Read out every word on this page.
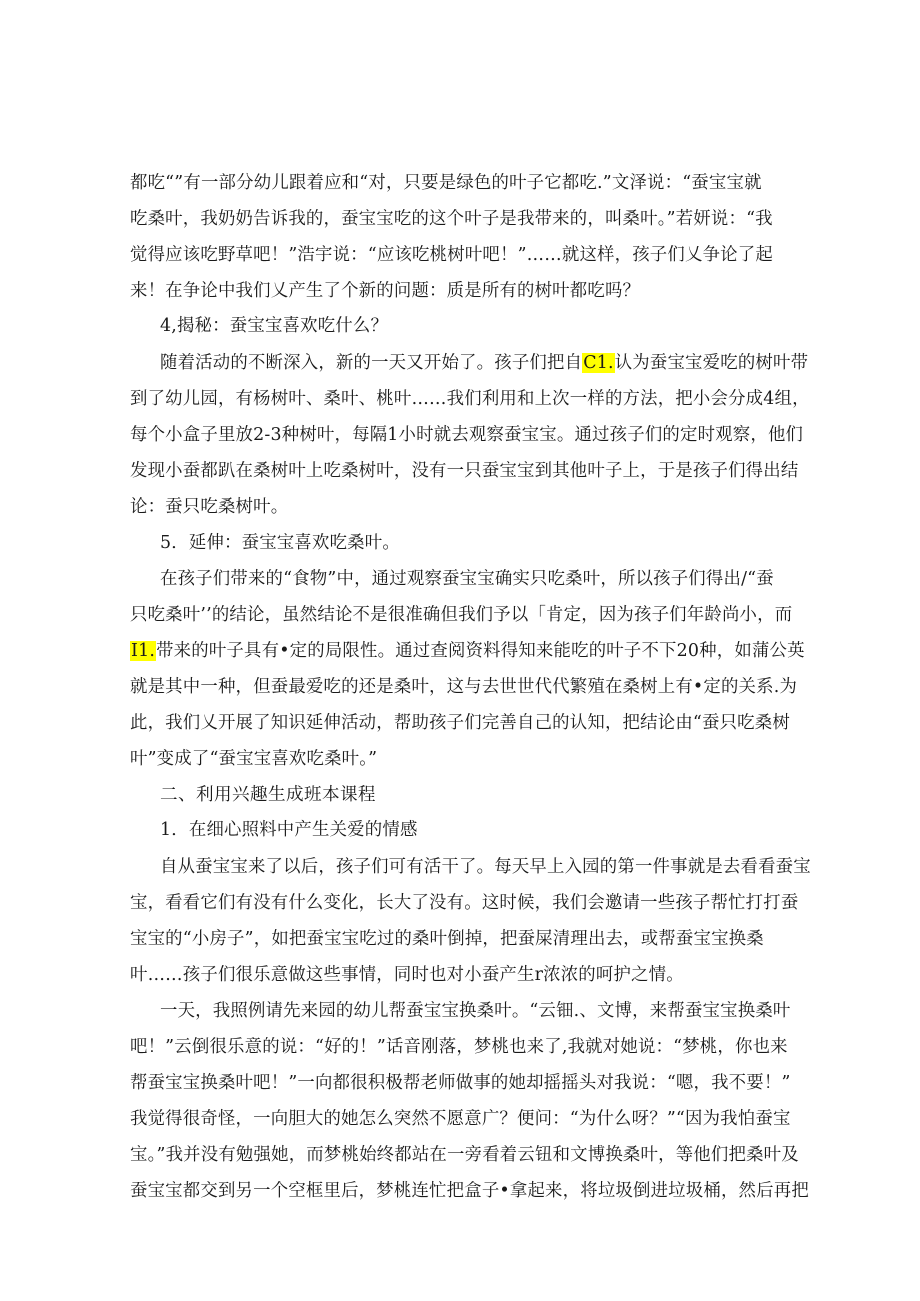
都吃“”有一部分幼儿跟着应和“对，只要是绿色的叶子它都吃.”文泽说：“蚕宝宝就
吃桑叶，我奶奶告诉我的，蚕宝宝吃的这个叶子是我带来的，叫桑叶。”若妍说：“我
觉得应该吃野草吧！”浩宇说：“应该吃桃树叶吧！”……就这样，孩子们乂争论了起
来！在争论中我们乂产生了个新的问题：质是所有的树叶都吃吗？
4,揭秘：蚕宝宝喜欢吃什么？
随着活动的不断深入，新的一天又开始了。孩子们把自C1.认为蚕宝宝爱吃的树叶带
到了幼儿园，有杨树叶、桑叶、桃叶……我们利用和上次一样的方法，把小会分成4组，
每个小盒子里放2-3种树叶，每隔1小时就去观察蚕宝宝。通过孩子们的定时观察，他们
发现小蚕都趴在桑树叶上吃桑树叶，没有一只蚕宝宝到其他叶子上，于是孩子们得出结
论：蚕只吃桑树叶。
5．延伸：蚕宝宝喜欢吃桑叶。
在孩子们带来的“食物”中，通过观察蚕宝宝确实只吃桑叶，所以孩子们得出/“蚕
只吃桑叶’’的结论，虽然结论不是很准确但我们予以「肯定，因为孩子们年龄尚小，而
I1.带来的叶子具有•定的局限性。通过查阅资料得知来能吃的叶子不下20种，如蒲公英
就是其中一种，但蚕最爱吃的还是桑叶，这与去世世代代繁殖在桑树上有•定的关系.为
此，我们乂开展了知识延伸活动，帮助孩子们完善自己的认知，把结论由“蚕只吃桑树
叶”变成了“蚕宝宝喜欢吃桑叶。”
二、利用兴趣生成班本课程
1．在细心照料中产生关爱的情感
自从蚕宝宝来了以后，孩子们可有活干了。每天早上入园的第一件事就是去看看蚕宝
宝，看看它们有没有什么变化，长大了没有。这时候，我们会邀请一些孩子帮忙打打蚕
宝宝的“小房子”，如把蚕宝宝吃过的桑叶倒掉，把蚕屎清理出去，或帮蚕宝宝换桑
叶……孩子们很乐意做这些事情，同时也对小蚕产生r浓浓的呵护之情。
一天，我照例请先来园的幼儿帮蚕宝宝换桑叶。“云钿.、文博，来帮蚕宝宝换桑叶
吧！”云倒很乐意的说：“好的！”话音刚落，梦桃也来了,我就对她说：“梦桃，你也来
帮蚕宝宝换桑叶吧！”一向都很积极帮老师做事的她却摇摇头对我说：“嗯，我不要！”
我觉得很奇怪，一向胆大的她怎么突然不愿意广？便问：“为什么呀？”“因为我怕蚕宝
宝。”我并没有勉强她，而梦桃始终都站在一旁看着云钮和文博换桑叶，等他们把桑叶及
蚕宝宝都交到另一个空框里后，梦桃连忙把盒子•拿起来，将垃圾倒进垃圾桶，然后再把
